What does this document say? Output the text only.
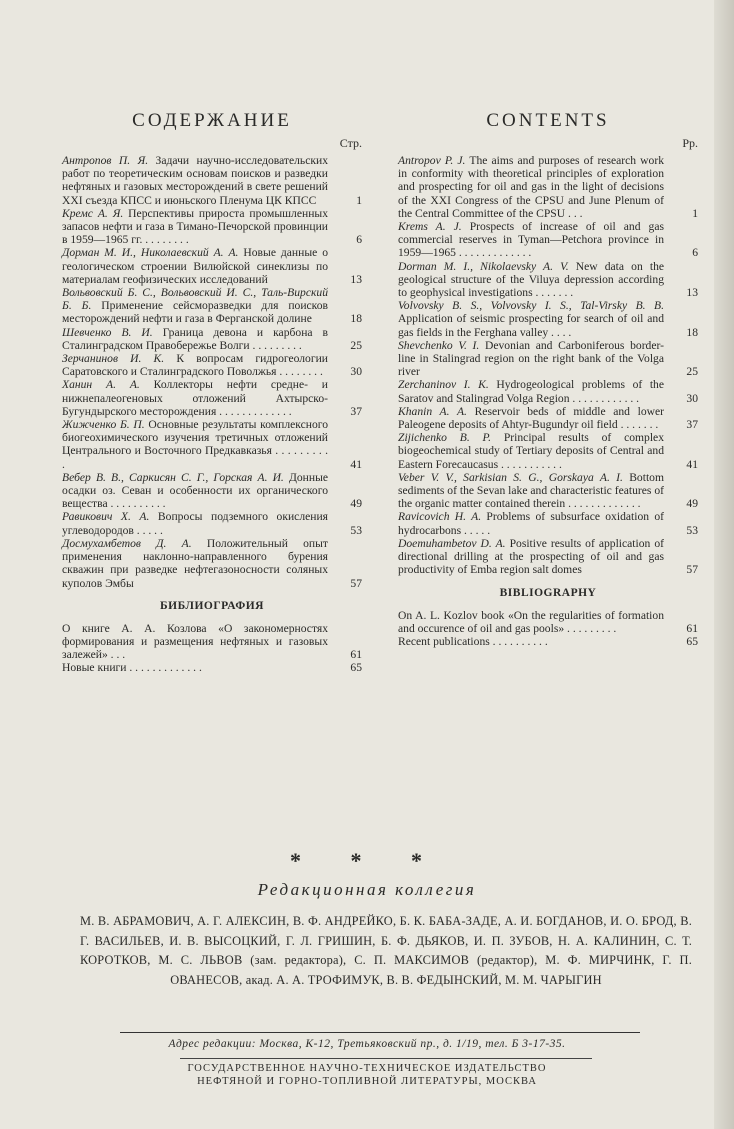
СОДЕРЖАНИЕ
Стр.
Антропов П. Я. Задачи научно-исследовательских работ по теоретическим основам поисков и разведки нефтяных и газовых месторождений в свете решений XXI съезда КПСС и июньского Пленума ЦК КПСС	1
Кремс А. Я. Перспективы прироста промышленных запасов нефти и газа в Тимано-Печорской провинции в 1959—1965 гг. . . . . . . . .	6
Дорман М. И., Николаевский А. А. Новые данные о геологическом строении Вилюйской синеклизы по материалам геофизических исследований	13
Вольвовский Б. С., Вольвовский И. С., Таль-Вирский Б. Б. Применение сейсморазведки для поисков месторождений нефти и газа в Ферганской долине	18
Шевченко В. И. Граница девона и карбона в Сталинградском Правобережье Волги . . . . . . . . .	25
Зерчанинов И. К. К вопросам гидрогеологии Саратовского и Сталинградского Поволжья . . . . . . . . 30
Ханин А. А. Коллекторы нефти средне- и нижнепалеогеновых отложений Ахтырско-Бугундырского месторождения . . . . . . . . . . . . .	37
Жижченко Б. П. Основные результаты комплексного биогеохимического изучения третичных отложений Центрального и Восточного Предкавказья . . . . . . . . . .	41
Вебер В. В., Саркисян С. Г., Горская А. И. Донные осадки оз. Севан и особенности их органического вещества . . . . . . . . . .	49
Равикович Х. А. Вопросы подземного окисления углеводородов . . . . .	53
Досмухамбетов Д. А. Положительный опыт применения наклонно-направленного бурения скважин при разведке нефтегазоносности соляных куполов Эмбы	57
БИБЛИОГРАФИЯ
О книге А. А. Козлова «О закономерностях формирования и размещения нефтяных и газовых залежей» . . .	61
Новые книги . . . . . . . . . . . . .	65
CONTENTS
Pp.
Antropov P. J. The aims and purposes of research work in conformity with theoretical principles of exploration and prospecting for oil and gas in the light of decisions of the XXI Congress of the CPSU and June Plenum of the Central Committee of the CPSU . . .	1
Krems A. J. Prospects of increase of oil and gas commercial reserves in Tyman—Petchora province in 1959—1965 . . . . . . . . . . . . .	6
Dorman M. I., Nikolaevsky A. V. New data on the geological structure of the Viluya depression according to geophysical investigations . . . . . . .	13
Volvovsky B. S., Volvovsky I. S., Tal-Virsky B. B. Application of seismic prospecting for search of oil and gas fields in the Ferghana valley . . . .	18
Shevchenko V. I. Devonian and Carboniferous border-line in Stalingrad region on the right bank of the Volga river	25
Zerchaninov I. K. Hydrogeological problems of the Saratov and Stalingrad Volga Region . . . . . . . . . . . .	30
Khanin A. A. Reservoir beds of middle and lower Paleogene deposits of Ahtyr-Bugundyr oil field . . . . . . . 37
Zijichenko B. P. Principal results of complex biogeochemical study of Tertiary deposits of Central and Eastern Forecaucasus . . . . . . . . . . .	41
Veber V. V., Sarkisian S. G., Gorskaya A. I. Bottom sediments of the Sevan lake and characteristic features of the organic matter contained therein . . . . . . . . . . . . .	49
Ravicovich H. A. Problems of subsurface oxidation of hydrocarbons . . . . .	53
Doemuhambetov D. A. Positive results of application of directional drilling at the prospecting of oil and gas productivity of Emba region salt domes	57
BIBLIOGRAPHY
On A. L. Kozlov book «On the regularities of formation and occurence of oil and gas pools» . . . . . . . . .	61
Recent publications . . . . . . . . . .	65
* * *
Редакционная коллегия
М. В. АБРАМОВИЧ, А. Г. АЛЕКСИН, В. Ф. АНДРЕЙКО, Б. К. БАБА-ЗАДЕ, А. И. БОГДАНОВ, И. О. БРОД, В. Г. ВАСИЛЬЕВ, И. В. ВЫСОЦКИЙ, Г. Л. ГРИШИН, Б. Ф. ДЬЯКОВ, И. П. ЗУБОВ, Н. А. КАЛИНИН, С. Т. КОРОТКОВ, М. С. ЛЬВОВ (зам. редактора), С. П. МАКСИМОВ (редактор), М. Ф. МИРЧИНК, Г. П. ОВАНЕСОВ, акад. А. А. ТРОФИМУК, В. В. ФЕДЫНСКИЙ, М. М. ЧАРЫГИН
Адрес редакции: Москва, К-12, Третьяковский пр., д. 1/19, тел. Б 3-17-35.
ГОСУДАРСТВЕННОЕ НАУЧНО-ТЕХНИЧЕСКОЕ ИЗДАТЕЛЬСТВО
НЕФТЯНОЙ И ГОРНО-ТОПЛИВНОЙ ЛИТЕРАТУРЫ, МОСКВА
